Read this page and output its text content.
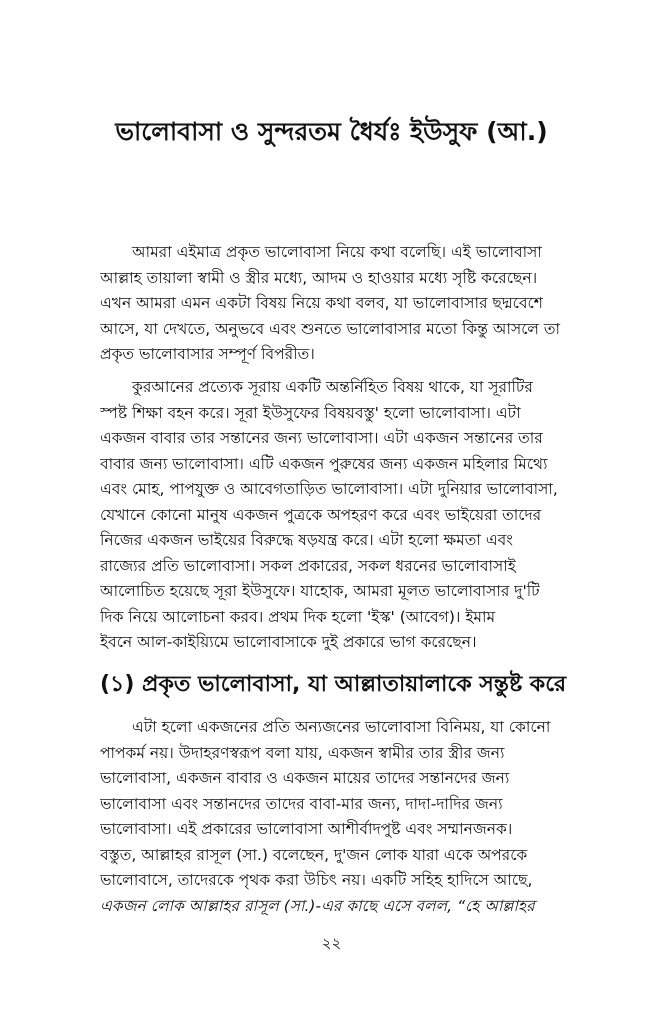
ভালোবাসা ও সুন্দরতম ধৈর্যঃ ইউসুফ (আ.)
আমরা এইমাত্র প্রকৃত ভালোবাসা নিয়ে কথা বলেছি। এই ভালোবাসা
আল্লাহ তায়ালা স্বামী ও স্ত্রীর মধ্যে, আদম ও হাওয়ার মধ্যে সৃষ্টি করেছেন।
এখন আমরা এমন একটা বিষয় নিয়ে কথা বলব, যা ভালোবাসার ছদ্মবেশে
আসে, যা দেখতে, অনুভবে এবং শুনতে ভালোবাসার মতো কিন্তু আসলে তা
প্রকৃত ভালোবাসার সম্পূর্ণ বিপরীত।
কুরআনের প্রত্যেক সূরায় একটি অন্তর্নিহিত বিষয় থাকে, যা সূরাটির
স্পষ্ট শিক্ষা বহন করে। সূরা ইউসুফের বিষয়বস্তু' হলো ভালোবাসা। এটা
একজন বাবার তার সন্তানের জন্য ভালোবাসা। এটা একজন সন্তানের তার
বাবার জন্য ভালোবাসা। এটি একজন পুরুষের জন্য একজন মহিলার মিথ্যে
এবং মোহ, পাপযুক্ত ও আবেগতাড়িত ভালোবাসা। এটা দুনিয়ার ভালোবাসা,
যেখানে কোনো মানুষ একজন পুত্রকে অপহরণ করে এবং ভাইয়েরা তাদের
নিজের একজন ভাইয়ের বিরুদ্ধে ষড়যন্ত্র করে। এটা হলো ক্ষমতা এবং
রাজ্যের প্রতি ভালোবাসা। সকল প্রকারের, সকল ধরনের ভালোবাসাই
আলোচিত হয়েছে সূরা ইউসুফে। যাহোক, আমরা মূলত ভালোবাসার দু'টি
দিক নিয়ে আলোচনা করব। প্রথম দিক হলো 'ইস্ক' (আবেগ)। ইমাম
ইবনে আল-কাইয়্যিমে ভালোবাসাকে দুই প্রকারে ভাগ করেছেন।
(১) প্রকৃত ভালোবাসা, যা আল্লাতায়ালাকে সন্তুষ্ট করে
এটা হলো একজনের প্রতি অন্যজনের ভালোবাসা বিনিময়, যা কোনো
পাপকর্ম নয়। উদাহরণস্বরূপ বলা যায়, একজন স্বামীর তার স্ত্রীর জন্য
ভালোবাসা, একজন বাবার ও একজন মায়ের তাদের সন্তানদের জন্য
ভালোবাসা এবং সন্তানদের তাদের বাবা-মার জন্য, দাদা-দাদির জন্য
ভালোবাসা। এই প্রকারের ভালোবাসা আশীর্বাদপুষ্ট এবং সম্মানজনক।
বস্তুত, আল্লাহর রাসূল (সা.) বলেছেন, দু'জন লোক যারা একে অপরকে
ভালোবাসে, তাদেরকে পৃথক করা উচিৎ নয়। একটি সহিহ হাদিসে আছে,
একজন লোক আল্লাহর রাসূল (সা.)-এর কাছে এসে বলল, “হে আল্লাহর
২২
